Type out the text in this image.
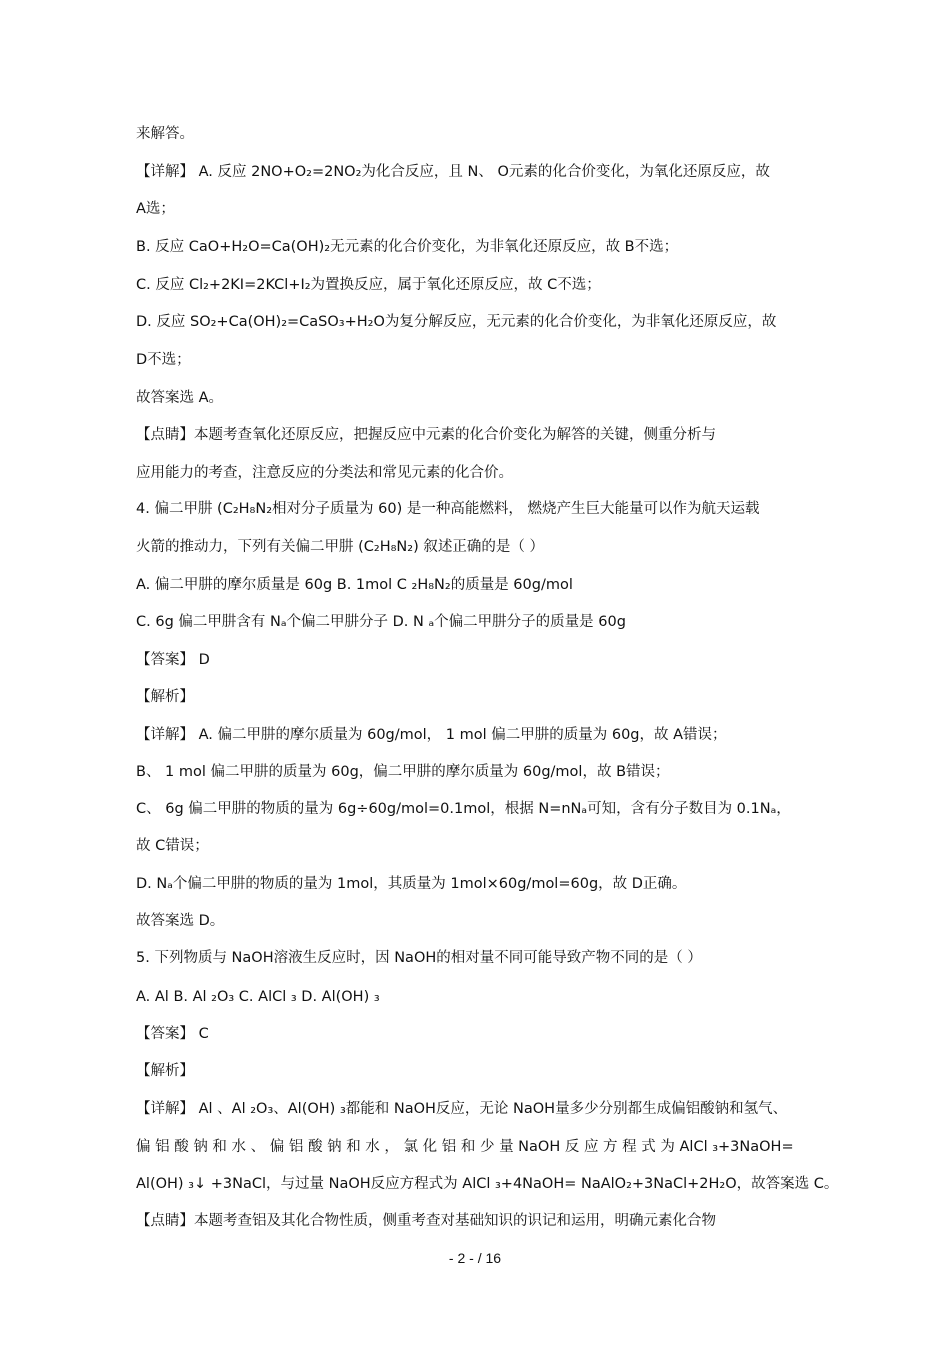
来解答。
【详解】 A. 反应 2NO+O₂=2NO₂为化合反应，且 N、 O元素的化合价变化，为氧化还原反应，故
A选；
B. 反应 CaO+H₂O=Ca(OH)₂无元素的化合价变化，为非氧化还原反应，故 B不选；
C. 反应 Cl₂+2KI=2KCl+I₂为置换反应，属于氧化还原反应，故 C不选；
D. 反应 SO₂+Ca(OH)₂=CaSO₃+H₂O为复分解反应，无元素的化合价变化，为非氧化还原反应，故
D不选；
故答案选 A。
【点睛】本题考查氧化还原反应，把握反应中元素的化合价变化为解答的关键，侧重分析与
应用能力的考查，注意反应的分类法和常见元素的化合价。
4. 偏二甲肼 (C₂H₈N₂相对分子质量为 60) 是一种高能燃料， 燃烧产生巨大能量可以作为航天运载
火箭的推动力，下列有关偏二甲肼 (C₂H₈N₂) 叙述正确的是（ ）
A. 偏二甲肼的摩尔质量是 60g B. 1mol C ₂H₈N₂的质量是 60g/mol
C. 6g 偏二甲肼含有 Nₐ个偏二甲肼分子 D. N ₐ个偏二甲肼分子的质量是 60g
【答案】 D
【解析】
【详解】 A. 偏二甲肼的摩尔质量为 60g/mol， 1 mol 偏二甲肼的质量为 60g，故 A错误；
B、 1 mol 偏二甲肼的质量为 60g，偏二甲肼的摩尔质量为 60g/mol，故 B错误；
C、 6g 偏二甲肼的物质的量为 6g÷60g/mol=0.1mol，根据 N=nNₐ可知，含有分子数目为 0.1Nₐ，
故 C错误；
D. Nₐ个偏二甲肼的物质的量为 1mol，其质量为 1mol×60g/mol=60g，故 D正确。
故答案选 D。
5. 下列物质与 NaOH溶液生反应时，因 NaOH的相对量不同可能导致产物不同的是（ ）
A. Al B. Al ₂O₃ C. AlCl ₃ D. Al(OH) ₃
【答案】 C
【解析】
【详解】 Al 、Al ₂O₃、Al(OH) ₃都能和 NaOH反应，无论 NaOH量多少分别都生成偏铝酸钠和氢气、
偏 铝 酸 钠 和 水 、 偏 铝 酸 钠 和 水 ， 氯 化 铝 和 少 量 NaOH 反 应 方 程 式 为 AlCl ₃+3NaOH=
Al(OH) ₃↓ +3NaCl，与过量 NaOH反应方程式为 AlCl ₃+4NaOH= NaAlO₂+3NaCl+2H₂O，故答案选 C。
【点睛】本题考查铝及其化合物性质，侧重考查对基础知识的识记和运用，明确元素化合物
- 2 - / 16
